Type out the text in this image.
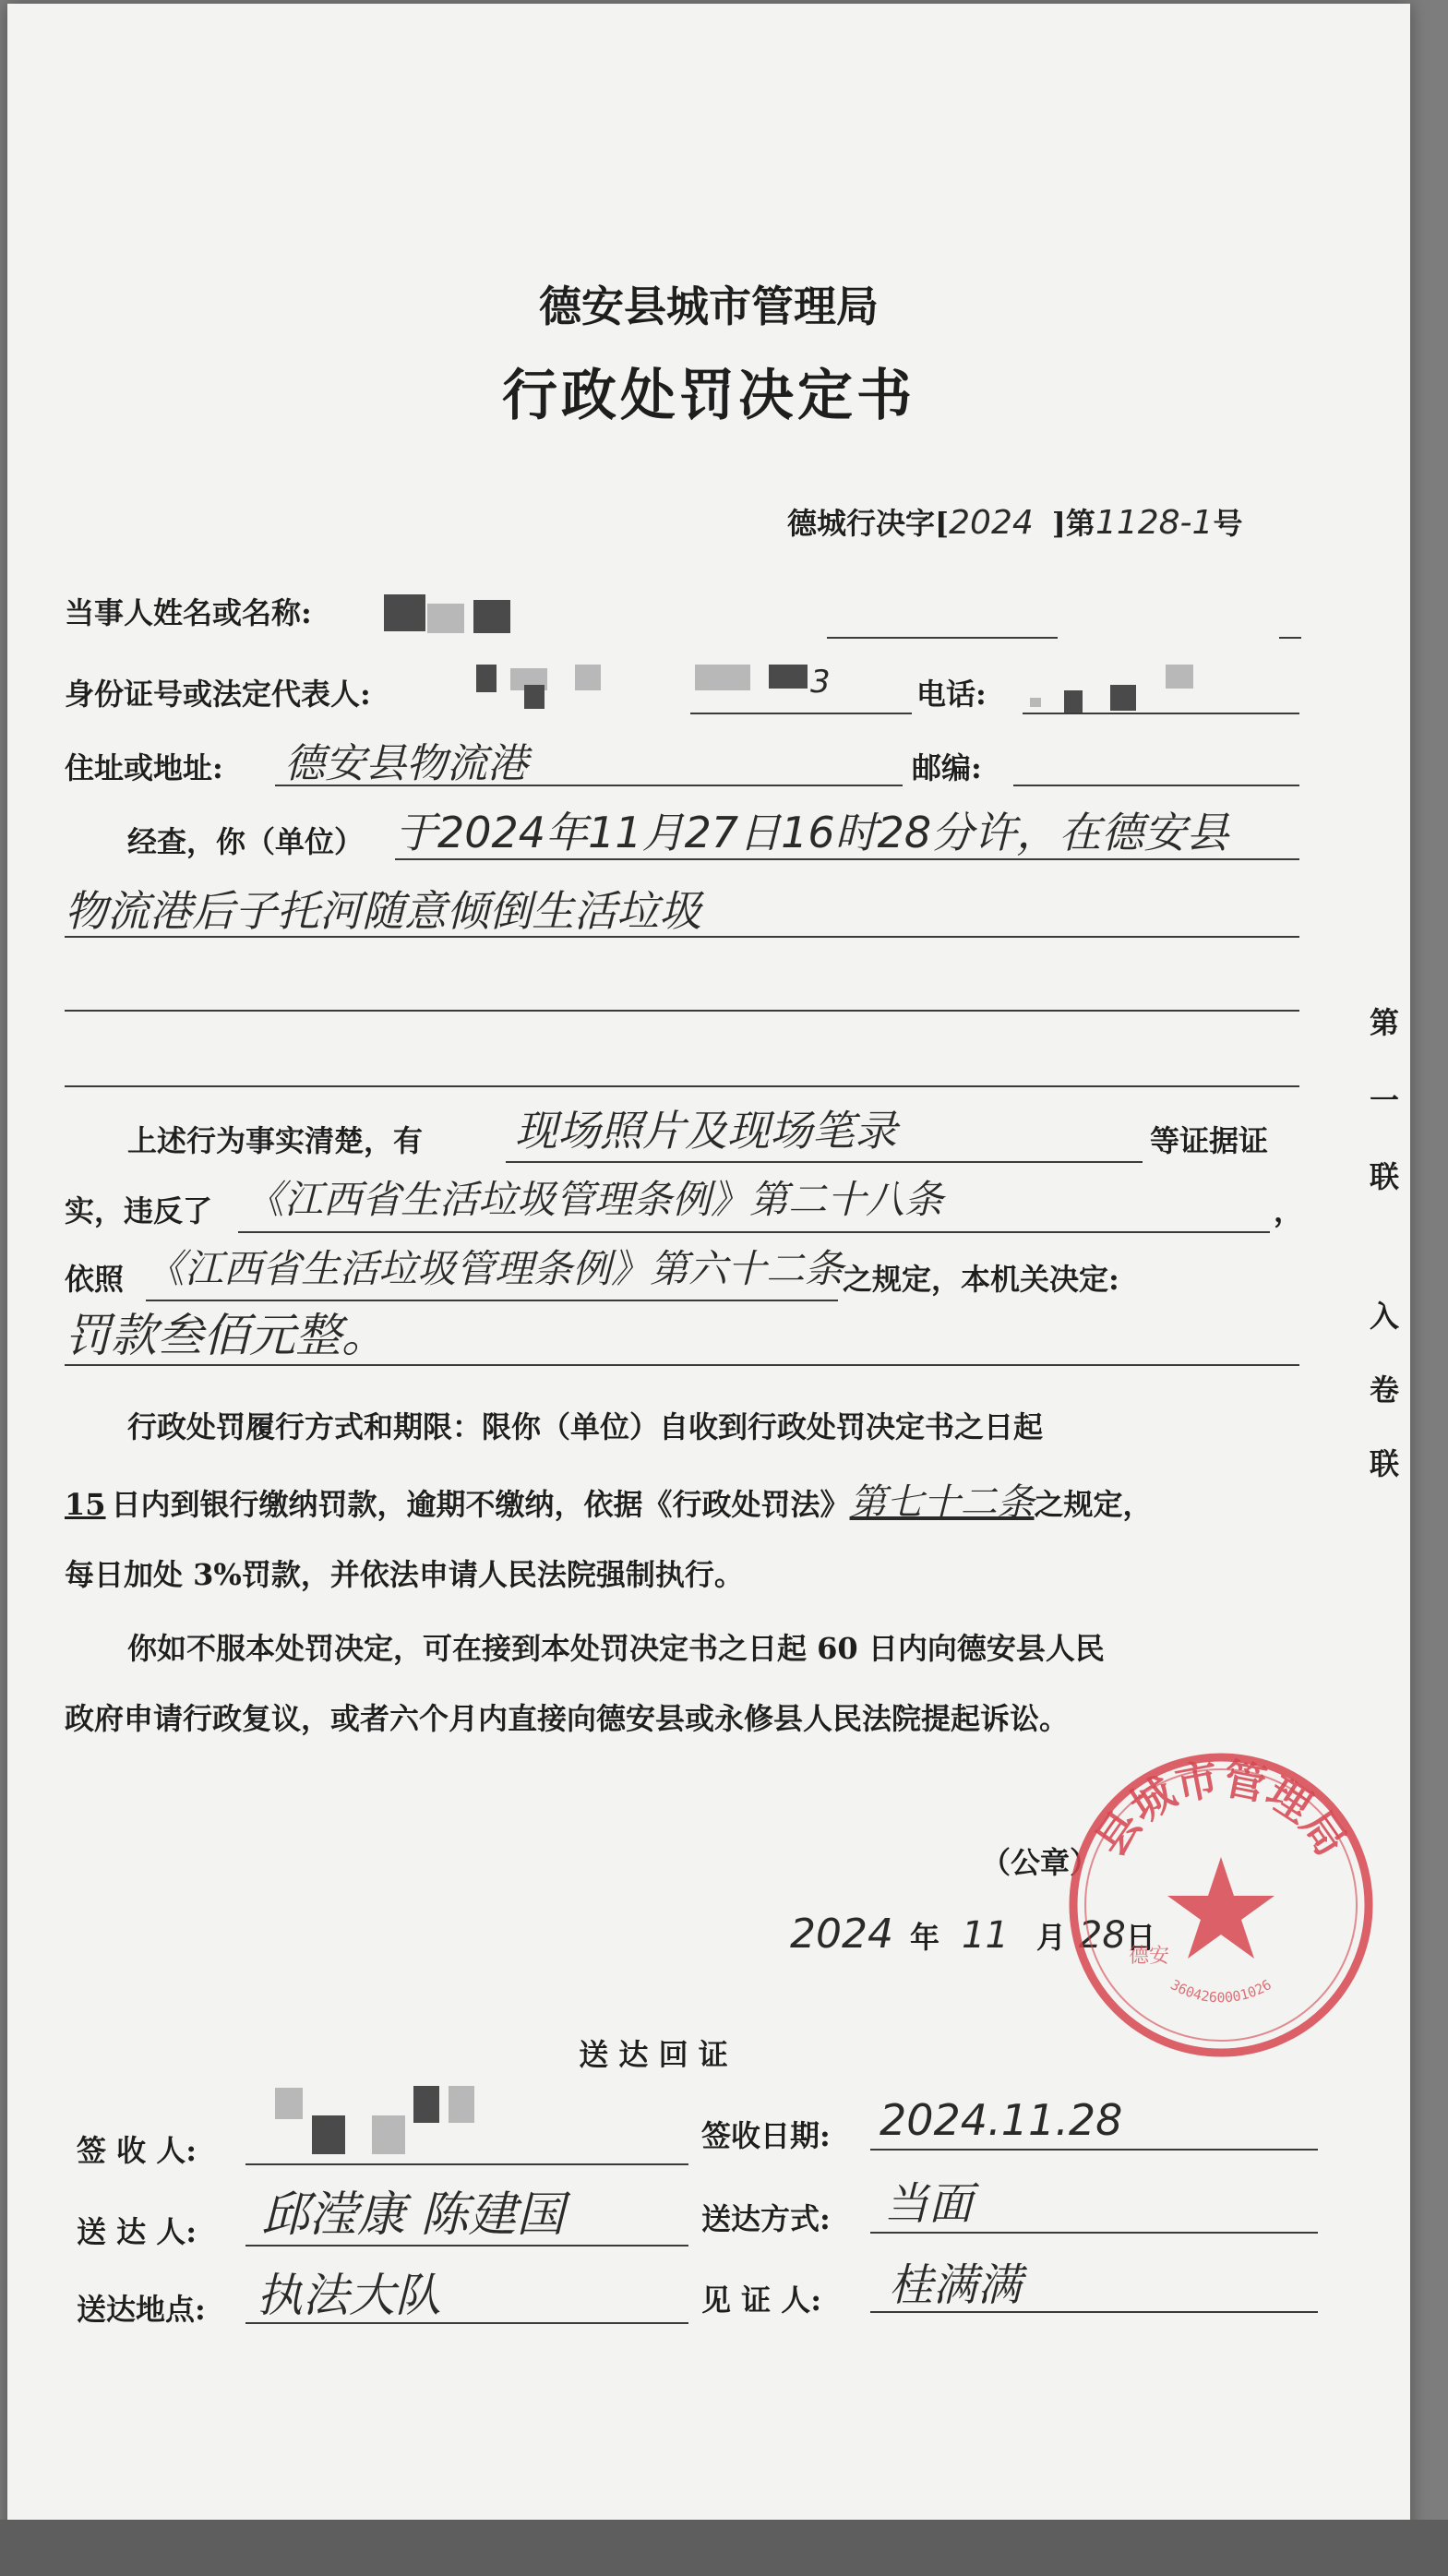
德安县城市管理局
行政处罚决定书
德城行决字[2024 ]第1128-1号
当事人姓名或名称:
身份证号或法定代表人:	3	电话:
住址或地址: 德安县物流港	邮编:
经查，你（单位） 于2024年11月27日16时28分许，在德安县
物流港后子托河随意倾倒生活垃圾
上述行为事实清楚，有 现场照片及现场笔录	等证据证
实，违反了 《江西省生活垃圾管理条例》第二十八条	，
依照 《江西省生活垃圾管理条例》第六十二条
之规定，本机关决定:
罚款叁佰元整。
行政处罚履行方式和期限：限你（单位）自收到行政处罚决定书之日起
15 日内到银行缴纳罚款，逾期不缴纳，依据《行政处罚法》第七十二条之规定，
每日加处 3%罚款，并依法申请人民法院强制执行。
你如不服本处罚决定，可在接到本处罚决定书之日起 60 日内向德安县人民
政府申请行政复议，或者六个月内直接向德安县或永修县人民法院提起诉讼。
（公章）
2024 年 11 月 28日
县城市管理局
德安
3604260001026
第
一
联
入
卷
联
送 达 回 证
签 收 人:	签收日期: 2024.11.28
送 达 人: 邱滢康 陈建国	送达方式: 当面
送达地点: 执法大队	见 证 人: 桂满满
